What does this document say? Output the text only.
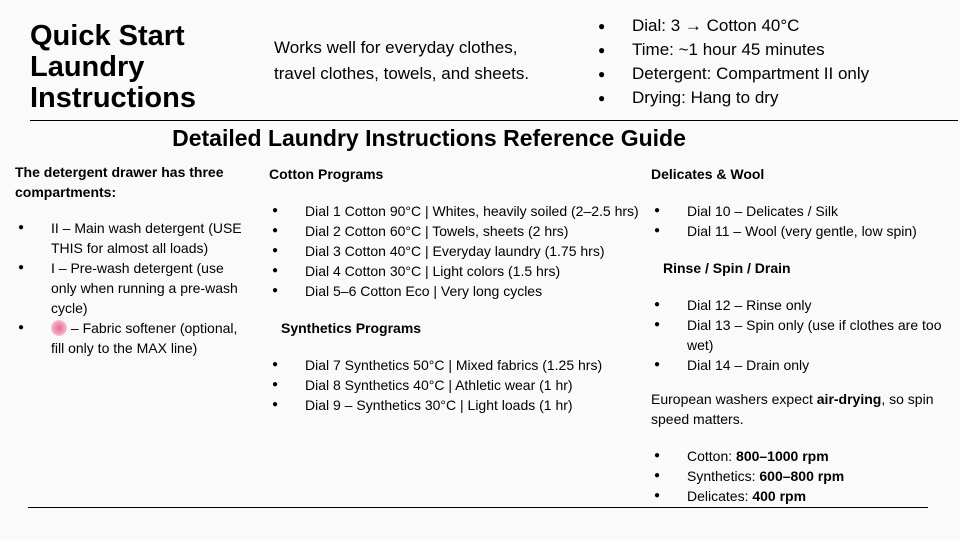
Quick Start
Laundry
Instructions
Works well for everyday clothes,
travel clothes, towels, and sheets.
● Dial: 3 → Cotton 40°C
● Time: ~1 hour 45 minutes
● Detergent: Compartment II only
● Drying: Hang to dry
Detailed Laundry Instructions Reference Guide
The detergent drawer has three compartments:
● II – Main wash detergent (USE THIS for almost all loads)
● I – Pre-wash detergent (use only when running a pre-wash cycle)
● – Fabric softener (optional, fill only to the MAX line)
Cotton Programs
● Dial 1 Cotton 90°C | Whites, heavily soiled (2–2.5 hrs)
● Dial 2 Cotton 60°C | Towels, sheets (2 hrs)
● Dial 3 Cotton 40°C | Everyday laundry (1.75 hrs)
● Dial 4 Cotton 30°C | Light colors (1.5 hrs)
● Dial 5–6 Cotton Eco | Very long cycles
Synthetics Programs
● Dial 7 Synthetics 50°C | Mixed fabrics (1.25 hrs)
● Dial 8 Synthetics 40°C | Athletic wear (1 hr)
● Dial 9 – Synthetics 30°C | Light loads (1 hr)
Delicates & Wool
● Dial 10 – Delicates / Silk
● Dial 11 – Wool (very gentle, low spin)
Rinse / Spin / Drain
● Dial 12 – Rinse only
● Dial 13 – Spin only (use if clothes are too wet)
● Dial 14 – Drain only
European washers expect air-drying, so spin speed matters.
● Cotton: 800–1000 rpm
● Synthetics: 600–800 rpm
● Delicates: 400 rpm
